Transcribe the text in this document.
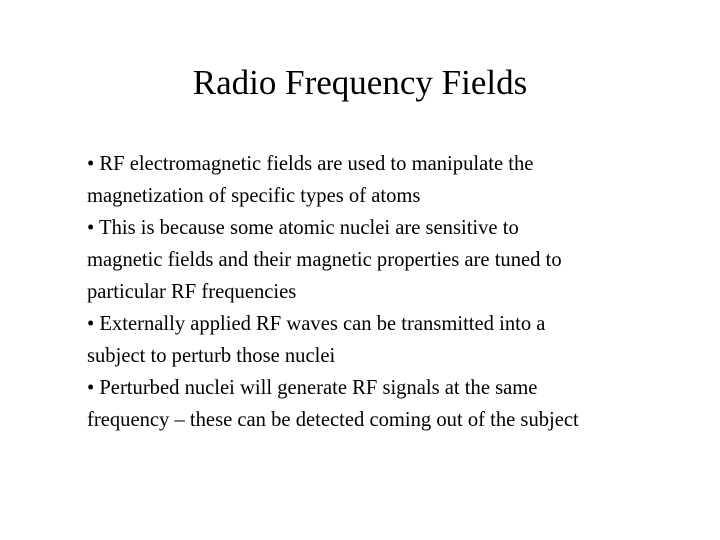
Radio Frequency Fields
• RF electromagnetic fields are used to manipulate the
magnetization of specific types of atoms
• This is because some atomic nuclei are sensitive to
magnetic fields and their magnetic properties are tuned to
particular RF frequencies
• Externally applied RF waves can be transmitted into a
subject to perturb those nuclei
• Perturbed nuclei will generate RF signals at the same
frequency – these can be detected coming out of the subject
